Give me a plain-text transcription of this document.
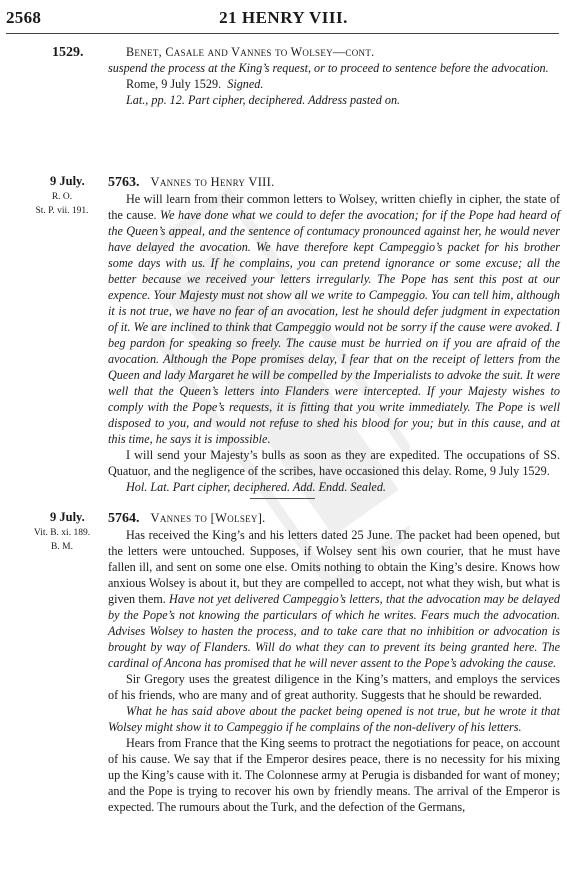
2568	21 HENRY VIII.
1529.	Benet, Casale and Vannes to Wolsey—cont.
suspend the process at the King’s request, or to proceed to sentence before the advocation.
Rome, 9 July 1529. Signed.
Lat., pp. 12. Part cipher, deciphered. Address pasted on.
9 July.
R. O.
St. P. vii. 191.
5763. Vannes to Henry VIII.
He will learn from their common letters to Wolsey, written chiefly in cipher, the state of the cause. We have done what we could to defer the avocation; for if the Pope had heard of the Queen’s appeal, and the sentence of contumacy pronounced against her, he would never have delayed the avocation. We have therefore kept Campeggio’s packet for his brother some days with us. If he complains, you can pretend ignorance or some excuse; all the better because we received your letters irregularly. The Pope has sent this post at our expence. Your Majesty must not show all we write to Campeggio. You can tell him, although it is not true, we have no fear of an avocation, lest he should defer judgment in expectation of it. We are inclined to think that Campeggio would not be sorry if the cause were avoked. I beg pardon for speaking so freely. The cause must be hurried on if you are afraid of the avocation. Although the Pope promises delay, I fear that on the receipt of letters from the Queen and lady Margaret he will be compelled by the Imperialists to advoke the suit. It were well that the Queen’s letters into Flanders were intercepted. If your Majesty wishes to comply with the Pope’s requests, it is fitting that you write immediately. The Pope is well disposed to you, and would not refuse to shed his blood for you; but in this cause, and at this time, he says it is impossible.
I will send your Majesty’s bulls as soon as they are expedited. The occupations of SS. Quatuor, and the negligence of the scribes, have occasioned this delay. Rome, 9 July 1529.
Hol. Lat. Part cipher, deciphered. Add. Endd. Sealed.
9 July.
Vit. B. xi. 189.
B. M.
5764. Vannes to [Wolsey].
Has received the King’s and his letters dated 25 June. The packet had been opened, but the letters were untouched. Supposes, if Wolsey sent his own courier, that he must have fallen ill, and sent on some one else. Omits nothing to obtain the King’s desire. Knows how anxious Wolsey is about it, but they are compelled to accept, not what they wish, but what is given them. Have not yet delivered Campeggio’s letters, that the advocation may be delayed by the Pope’s not knowing the particulars of which he writes. Fears much the advocation. Advises Wolsey to hasten the process, and to take care that no inhibition or advocation is brought by way of Flanders. Will do what they can to prevent its being granted here. The cardinal of Ancona has promised that he will never assent to the Pope’s advoking the cause.
Sir Gregory uses the greatest diligence in the King’s matters, and employs the services of his friends, who are many and of great authority. Suggests that he should be rewarded.
What he has said above about the packet being opened is not true, but he wrote it that Wolsey might show it to Campeggio if he complains of the non-delivery of his letters.
Hears from France that the King seems to protract the negotiations for peace, on account of his cause. We say that if the Emperor desires peace, there is no necessity for his mixing up the King’s cause with it. The Colonnese army at Perugia is disbanded for want of money; and the Pope is trying to recover his own by friendly means. The arrival of the Emperor is expected. The rumours about the Turk, and the defection of the Germans,
